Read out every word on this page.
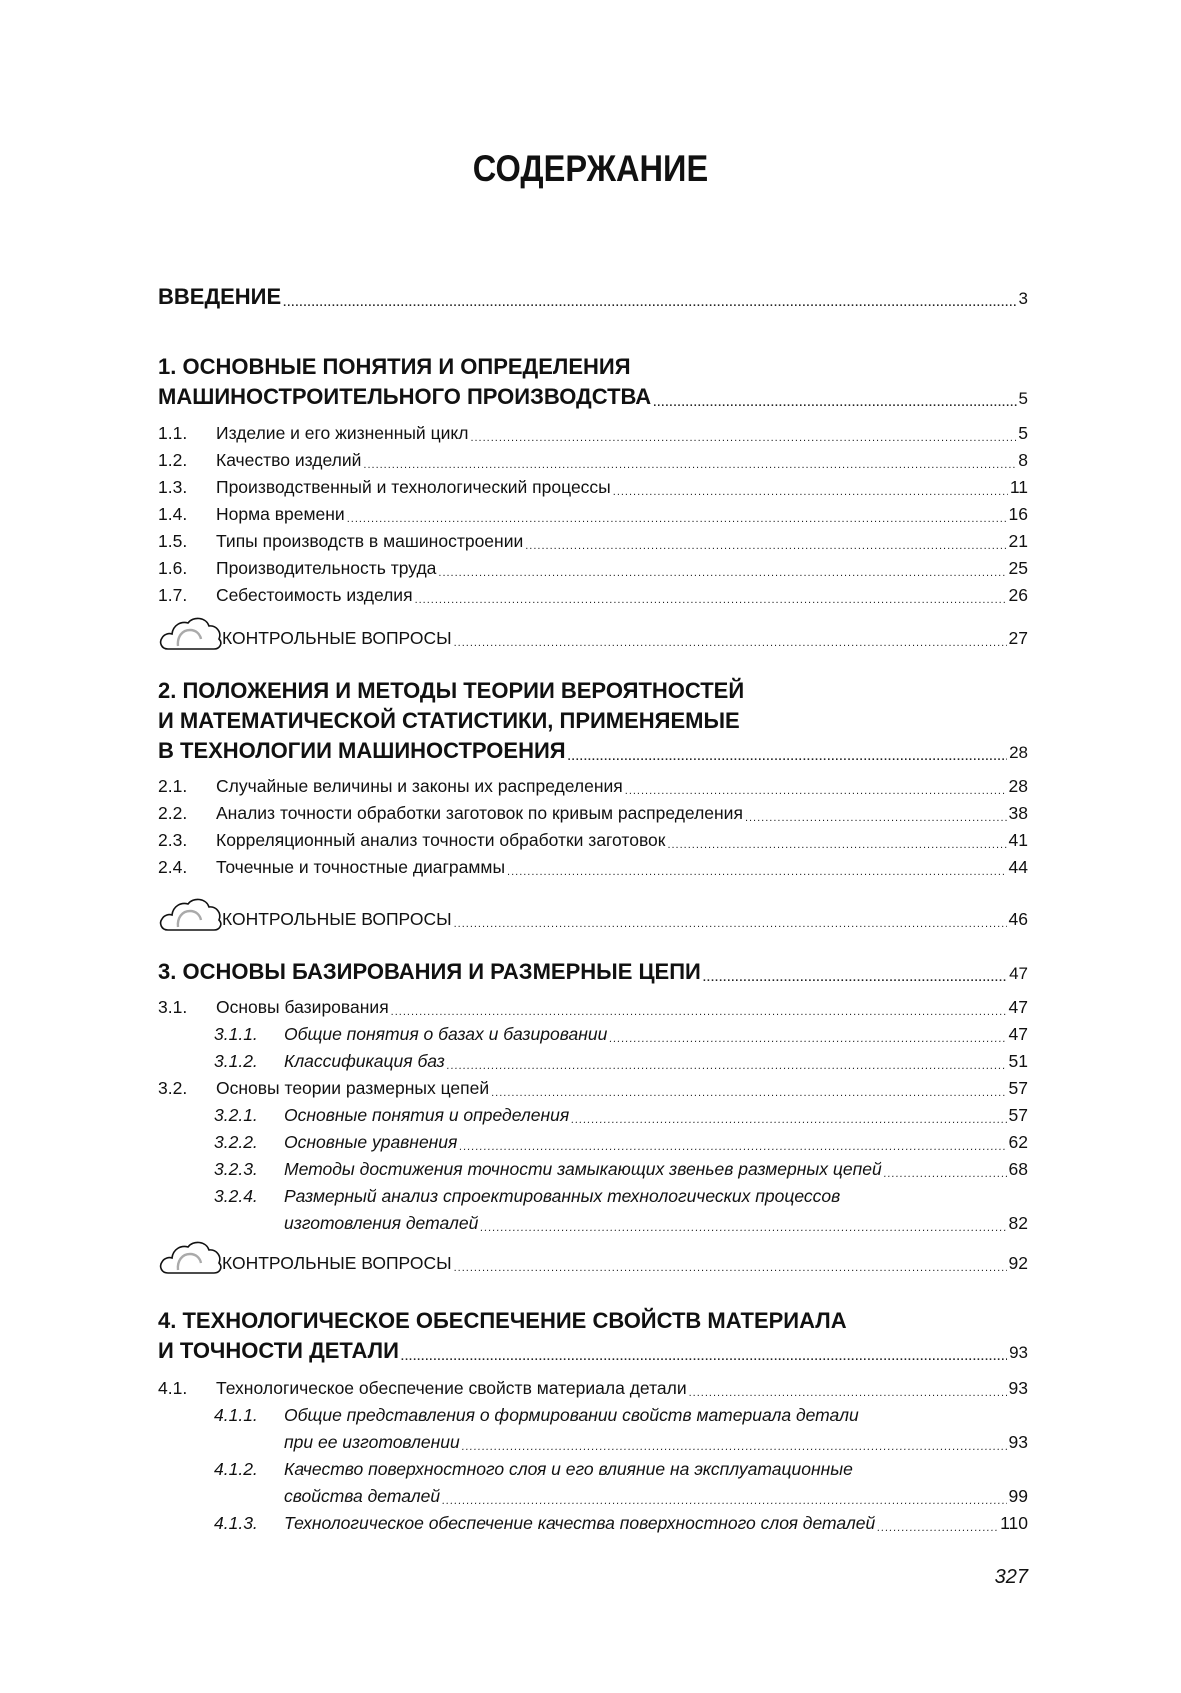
СОДЕРЖАНИЕ
ВВЕДЕНИЕ .....	3
1. ОСНОВНЫЕ ПОНЯТИЯ И ОПРЕДЕЛЕНИЯ
МАШИНОСТРОИТЕЛЬНОГО ПРОИЗВОДСТВА .....	5
1.1. Изделие и его жизненный цикл .....	5
1.2. Качество изделий .....	8
1.3. Производственный и технологический процессы .....	11
1.4. Норма времени .....	16
1.5. Типы производств в машиностроении .....	21
1.6. Производительность труда .....	25
1.7. Себестоимость изделия .....	26
КОНТРОЛЬНЫЕ ВОПРОСЫ .....	27
2. ПОЛОЖЕНИЯ И МЕТОДЫ ТЕОРИИ ВЕРОЯТНОСТЕЙ
И МАТЕМАТИЧЕСКОЙ СТАТИСТИКИ, ПРИМЕНЯЕМЫЕ
В ТЕХНОЛОГИИ МАШИНОСТРОЕНИЯ .....	28
2.1. Случайные величины и законы их распределения .....	28
2.2. Анализ точности обработки заготовок по кривым распределения .....	38
2.3. Корреляционный анализ точности обработки заготовок .....	41
2.4. Точечные и точностные диаграммы .....	44
КОНТРОЛЬНЫЕ ВОПРОСЫ .....	46
3. ОСНОВЫ БАЗИРОВАНИЯ И РАЗМЕРНЫЕ ЦЕПИ .....	47
3.1. Основы базирования .....	47
3.1.1. Общие понятия о базах и базировании .....	47
3.1.2. Классификация баз .....	51
3.2. Основы теории размерных цепей .....	57
3.2.1. Основные понятия и определения .....	57
3.2.2. Основные уравнения .....	62
3.2.3. Методы достижения точности замыкающих звеньев размерных цепей .....	68
3.2.4. Размерный анализ спроектированных технологических процессов
изготовления деталей .....	82
КОНТРОЛЬНЫЕ ВОПРОСЫ .....	92
4. ТЕХНОЛОГИЧЕСКОЕ ОБЕСПЕЧЕНИЕ СВОЙСТВ МАТЕРИАЛА
И ТОЧНОСТИ ДЕТАЛИ .....	93
4.1. Технологическое обеспечение свойств материала детали .....	93
4.1.1. Общие представления о формировании свойств материала детали
при ее изготовлении .....	93
4.1.2. Качество поверхностного слоя и его влияние на эксплуатационные
свойства деталей .....	99
4.1.3. Технологическое обеспечение качества поверхностного слоя деталей .....	110
327
